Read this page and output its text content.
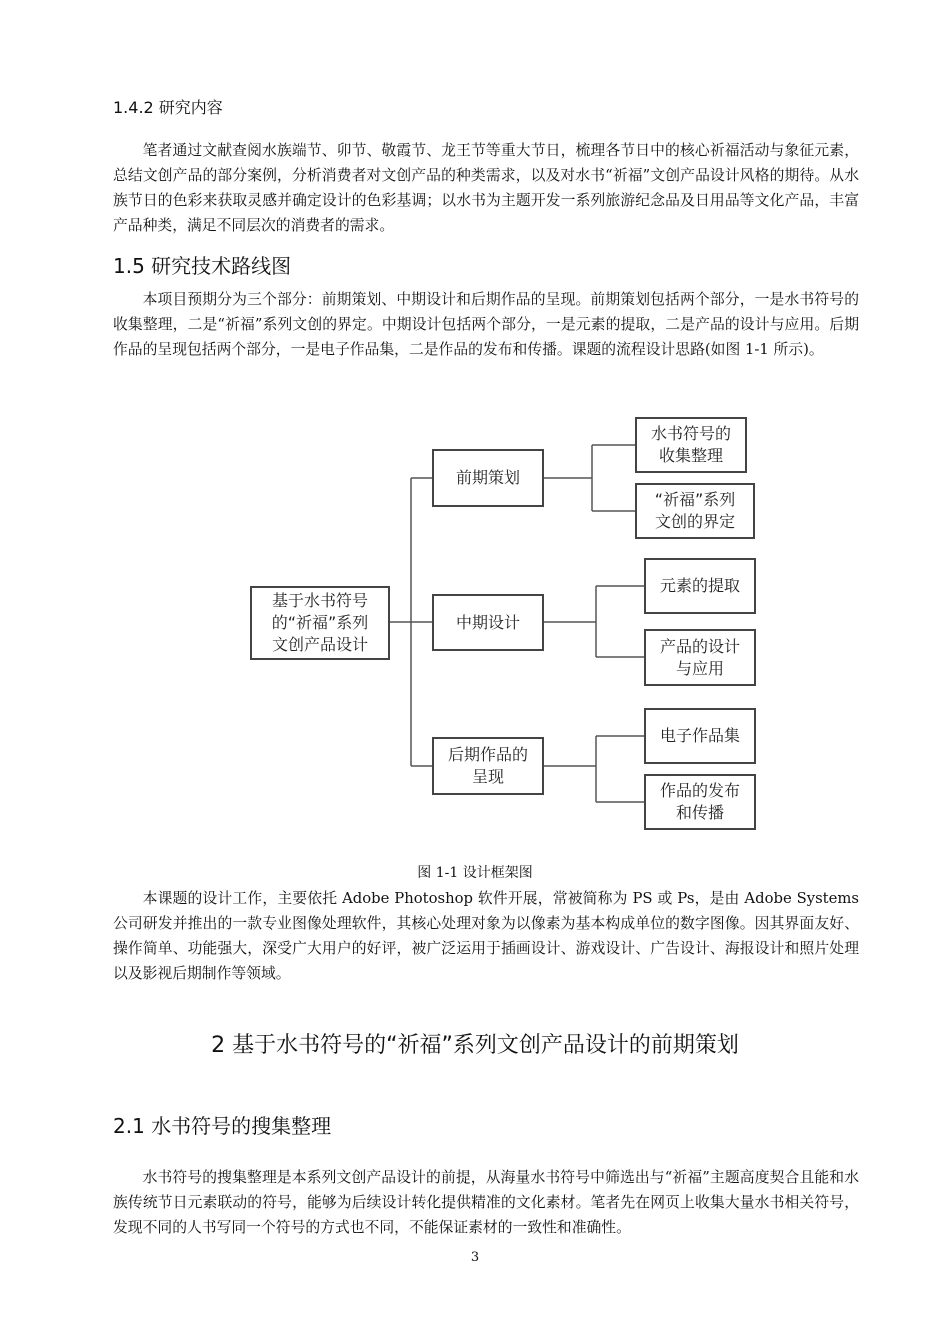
1.4.2 研究内容

笔者通过文献查阅水族端节、卯节、敬霞节、龙王节等重大节日，梳理各节日中的核心祈福活动与象征元素，总结文创产品的部分案例，分析消费者对文创产品的种类需求，以及对水书“祈福”文创产品设计风格的期待。从水族节日的色彩来获取灵感并确定设计的色彩基调；以水书为主题开发一系列旅游纪念品及日用品等文化产品，丰富产品种类，满足不同层次的消费者的需求。

1.5 研究技术路线图

本项目预期分为三个部分：前期策划、中期设计和后期作品的呈现。前期策划包括两个部分，一是水书符号的收集整理，二是“祈福”系列文创的界定。中期设计包括两个部分，一是元素的提取，二是产品的设计与应用。后期作品的呈现包括两个部分，一是电子作品集，二是作品的发布和传播。课题的流程设计思路(如图 1-1 所示)。

基于水书符号的“祈福”系列文创产品设计
前期策划
中期设计
后期作品的呈现
水书符号的收集整理
“祈福”系列文创的界定
元素的提取
产品的设计与应用
电子作品集
作品的发布和传播
图 1-1 设计框架图

本课题的设计工作，主要依托 Adobe Photoshop 软件开展，常被简称为 PS 或 Ps，是由 Adobe Systems 公司研发并推出的一款专业图像处理软件，其核心处理对象为以像素为基本构成单位的数字图像。因其界面友好、操作简单、功能强大，深受广大用户的好评，被广泛运用于插画设计、游戏设计、广告设计、海报设计和照片处理以及影视后期制作等领域。

2 基于水书符号的“祈福”系列文创产品设计的前期策划
2.1 水书符号的搜集整理

水书符号的搜集整理是本系列文创产品设计的前提，从海量水书符号中筛选出与“祈福”主题高度契合且能和水族传统节日元素联动的符号，能够为后续设计转化提供精准的文化素材。笔者先在网页上收集大量水书相关符号，发现不同的人书写同一个符号的方式也不同，不能保证素材的一致性和准确性。

3
